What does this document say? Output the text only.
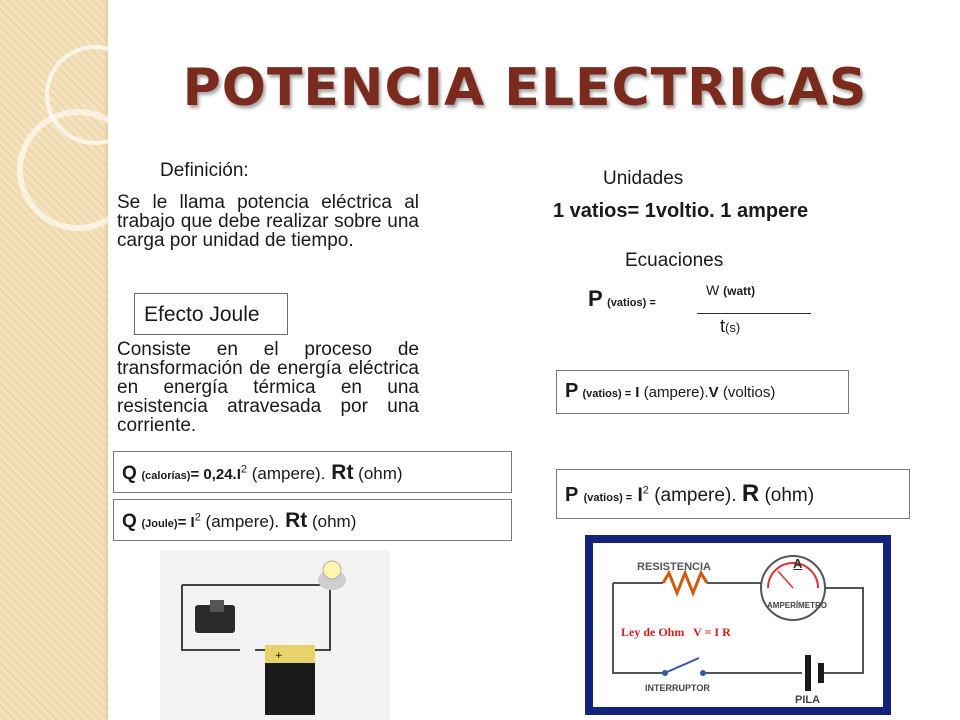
POTENCIA ELECTRICAS
Definición:
Se le llama potencia eléctrica al trabajo que debe realizar sobre una carga por unidad de tiempo.
Efecto Joule
Consiste en el proceso de transformación de energía eléctrica en energía térmica en una resistencia atravesada por una corriente.
Q (calorías)= $0,24.I^2$ (ampere). Rt (ohm)
Q (Joule)= $I^2$ (ampere). Rt (ohm)
+
Unidades
1 vatios= 1voltio. 1 ampere
Ecuaciones
P (vatios) =
W (watt)
t(s)
P (vatios) = I (ampere).V (voltios)
P (vatios) = $I^2$ (ampere). R (ohm)
RESISTENCIA	A
AMPERÍMETRO
Ley de Ohm   V = I R
INTERRUPTOR
PILA
